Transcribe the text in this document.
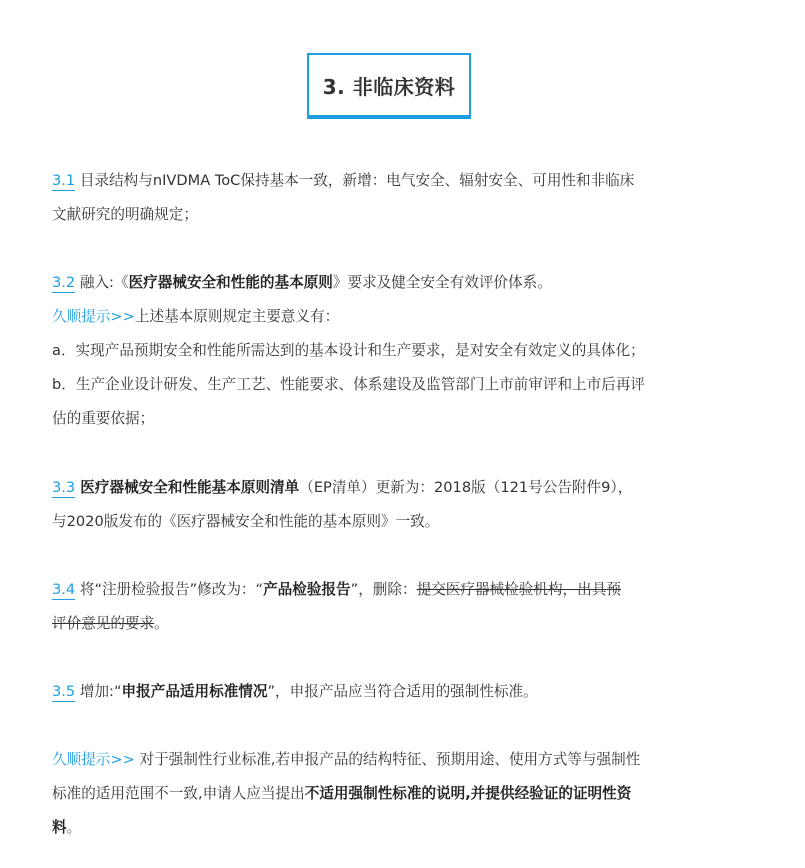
3. 非临床资料
3.1 目录结构与nIVDMA ToC保持基本一致，新增：电气安全、辐射安全、可用性和非临床
文献研究的明确规定；
3.2 融入:《医疗器械安全和性能的基本原则》要求及健全安全有效评价体系。
久顺提示>>上述基本原则规定主要意义有：
a．实现产品预期安全和性能所需达到的基本设计和生产要求，是对安全有效定义的具体化；
b．生产企业设计研发、生产工艺、性能要求、体系建设及监管部门上市前审评和上市后再评
估的重要依据；
3.3 医疗器械安全和性能基本原则清单（EP清单）更新为：2018版（121号公告附件9），
与2020版发布的《医疗器械安全和性能的基本原则》一致。
3.4 将“注册检验报告”修改为：“产品检验报告”，删除：提交医疗器械检验机构，出具预
评价意见的要求。
3.5 增加:“申报产品适用标准情况”，申报产品应当符合适用的强制性标准。
久顺提示>> 对于强制性行业标准,若申报产品的结构特征、预期用途、使用方式等与强制性
标准的适用范围不一致,申请人应当提出不适用强制性标准的说明,并提供经验证的证明性资
料。
